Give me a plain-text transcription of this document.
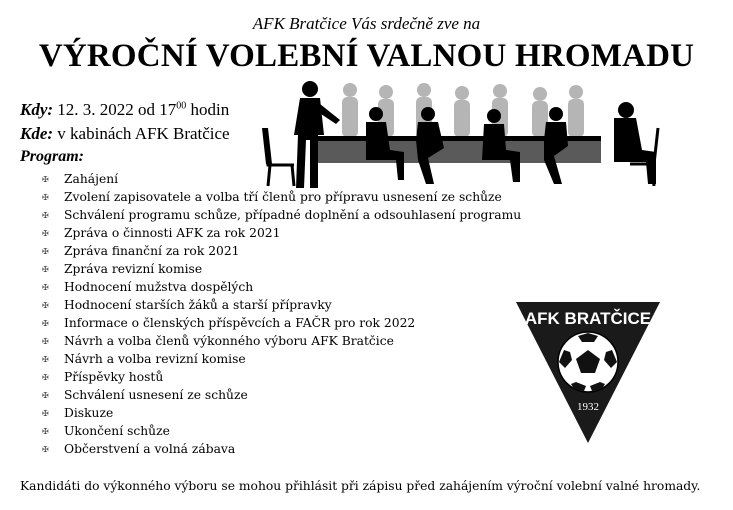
AFK Bratčice Vás srdečně zve na
VÝROČNÍ VOLEBNÍ VALNOU HROMADU
Kdy: 12. 3. 2022 od $17^{00}$ hodin
Kde: v kabinách AFK Bratčice
Program:
✠ Zahájení
✠ Zvolení zapisovatele a volba tří členů pro přípravu usnesení ze schůze
✠ Schválení programu schůze, případné doplnění a odsouhlasení programu
✠ Zpráva o činnosti AFK za rok 2021
✠ Zpráva finanční za rok 2021
✠ Zpráva revizní komise
✠ Hodnocení mužstva dospělých
✠ Hodnocení starších žáků a starší přípravky
✠ Informace o členských příspěvcích a FAČR pro rok 2022
✠ Návrh a volba členů výkonného výboru AFK Bratčice
✠ Návrh a volba revizní komise
✠ Příspěvky hostů
✠ Schválení usnesení ze schůze
✠ Diskuze
✠ Ukončení schůze
✠ Občerstvení a volná zábava
Kandidáti do výkonného výboru se mohou přihlásit při zápisu před zahájením výroční volební valné hromady.
AFK BRATČICE
1932
